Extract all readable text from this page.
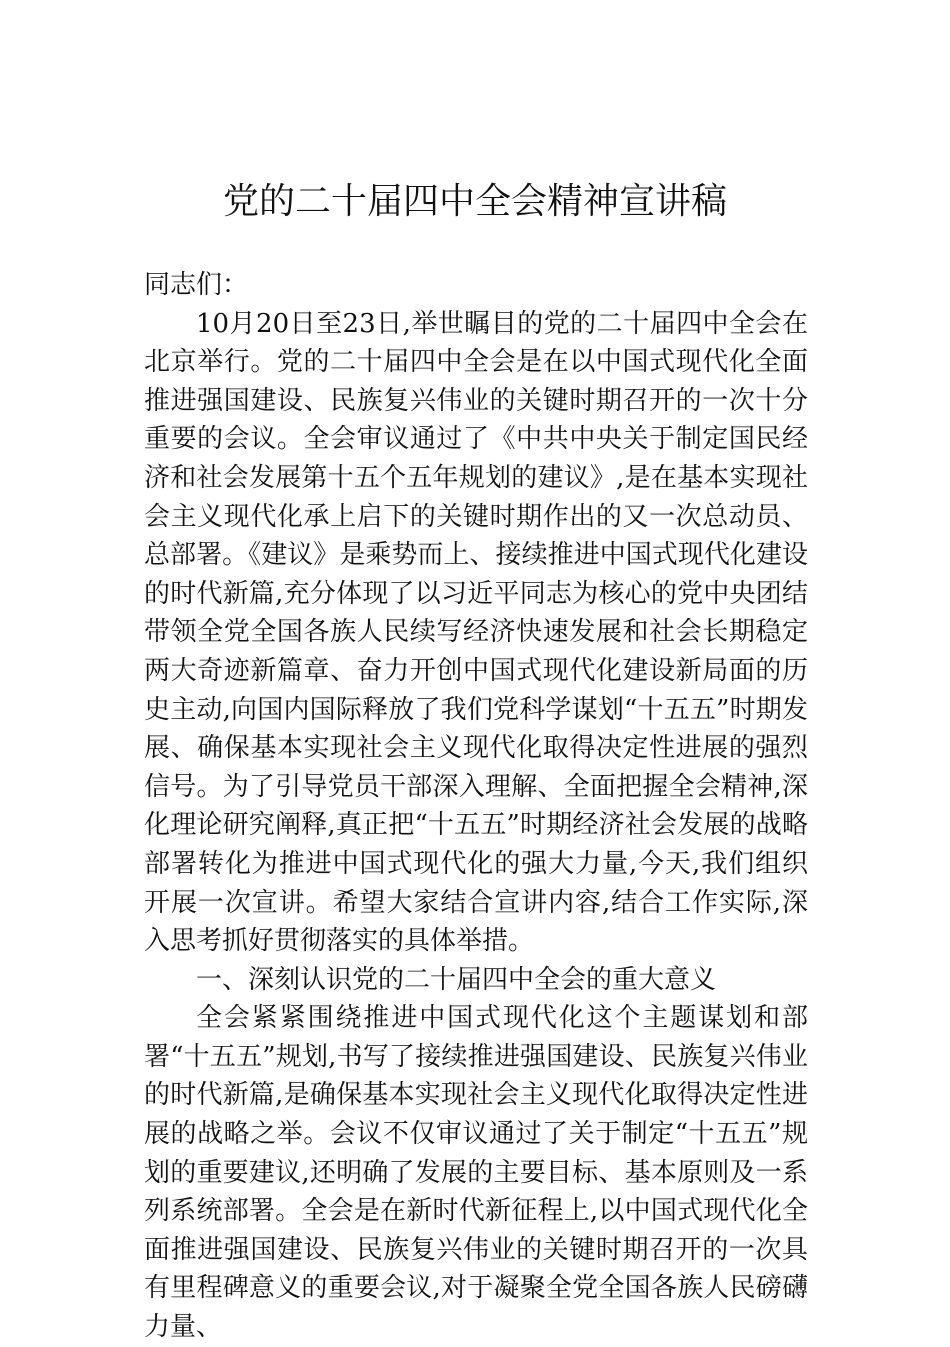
党的二十届四中全会精神宣讲稿

同志们：

10月20日至23日,举世瞩目的党的二十届四中全会在北京举行。党的二十届四中全会是在以中国式现代化全面推进强国建设、民族复兴伟业的关键时期召开的一次十分重要的会议。全会审议通过了《中共中央关于制定国民经济和社会发展第十五个五年规划的建议》,是在基本实现社会主义现代化承上启下的关键时期作出的又一次总动员、总部署。《建议》是乘势而上、接续推进中国式现代化建设的时代新篇,充分体现了以习近平同志为核心的党中央团结带领全党全国各族人民续写经济快速发展和社会长期稳定两大奇迹新篇章、奋力开创中国式现代化建设新局面的历史主动,向国内国际释放了我们党科学谋划“十五五”时期发展、确保基本实现社会主义现代化取得决定性进展的强烈信号。为了引导党员干部深入理解、全面把握全会精神,深化理论研究阐释,真正把“十五五”时期经济社会发展的战略部署转化为推进中国式现代化的强大力量,今天,我们组织开展一次宣讲。希望大家结合宣讲内容,结合工作实际,深入思考抓好贯彻落实的具体举措。

一、深刻认识党的二十届四中全会的重大意义

全会紧紧围绕推进中国式现代化这个主题谋划和部署“十五五”规划,书写了接续推进强国建设、民族复兴伟业的时代新篇,是确保基本实现社会主义现代化取得决定性进展的战略之举。会议不仅审议通过了关于制定“十五五”规划的重要建议,还明确了发展的主要目标、基本原则及一系列系统部署。全会是在新时代新征程上,以中国式现代化全面推进强国建设、民族复兴伟业的关键时期召开的一次具有里程碑意义的重要会议,对于凝聚全党全国各族人民磅礴力量、
